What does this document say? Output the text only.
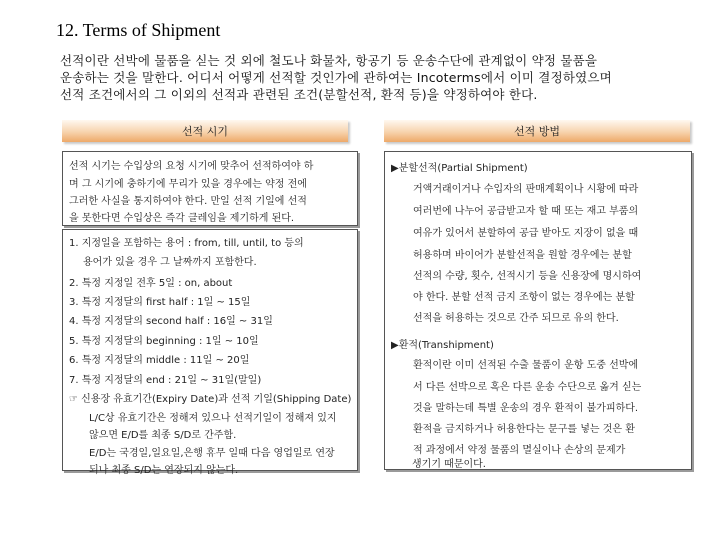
12. Terms of Shipment
선적이란 선박에 물품을 싣는 것 외에 철도나 화물차, 항공기 등 운송수단에 관계없이 약정 물품을
운송하는 것을 말한다. 어디서 어떻게 선적할 것인가에 관하여는 Incoterms에서 이미 결정하였으며
선적 조건에서의 그 이외의 선적과 관련된 조건(분할선적, 환적 등)을 약정하여야 한다.
선적 시기	선적 방법
선적 시기는 수입상의 요청 시기에 맞추어 선적하여야 하
며 그 시기에 충하기에 무리가 있을 경우에는 약정 전에
그러한 사실을 통지하여야 한다. 만일 선적 기일에 선적
을 못한다면 수입상은 즉각 클레임을 제기하게 된다.
1. 지정일을 포함하는 용어 : from, till, until, to 등의
용어가 있을 경우 그 날짜까지 포함한다.
2. 특정 지정일 전후 5일 : on, about
3. 특정 지정달의 first half : 1일 ~ 15일
4. 특정 지정달의 second half : 16일 ~ 31일
5. 특정 지정달의 beginning : 1일 ~ 10일
6. 특정 지정달의 middle : 11일 ~ 20일
7. 특정 지정달의 end : 21일 ~ 31일(말일)
☞ 신용장 유효기간(Expiry Date)과 선적 기일(Shipping Date)
L/C상 유효기간은 정해져 있으나 선적기일이 정해져 있지
않으면 E/D를 최종 S/D로 간주함.
E/D는 국경일,일요일,은행 휴무 일때 다음 영업일로 연장
되나 최종 S/D는 연장되지 않는다.
▶분할선적(Partial Shipment)
거액거래이거나 수입자의 판매계획이나 시황에 따라
여러번에 나누어 공급받고자 할 때 또는 재고 부품의
여유가 있어서 분할하여 공급 받아도 지장이 없을 때
허용하며 바이어가 분할선적을 원할 경우에는 분할
선적의 수량, 횟수, 선적시기 등을 신용장에 명시하여
야 한다. 분할 선적 금지 조항이 없는 경우에는 분할
선적을 허용하는 것으로 간주 되므로 유의 한다.
▶환적(Transhipment)
환적이란 이미 선적된 수출 물품이 운항 도중 선박에
서 다른 선박으로 혹은 다른 운송 수단으로 옮겨 싣는
것을 말하는데 특별 운송의 경우 환적이 불가피하다.
환적을 금지하거나 허용한다는 문구를 넣는 것은 환
적 과정에서 약정 물품의 멸실이나 손상의 문제가
생기기 때문이다.
